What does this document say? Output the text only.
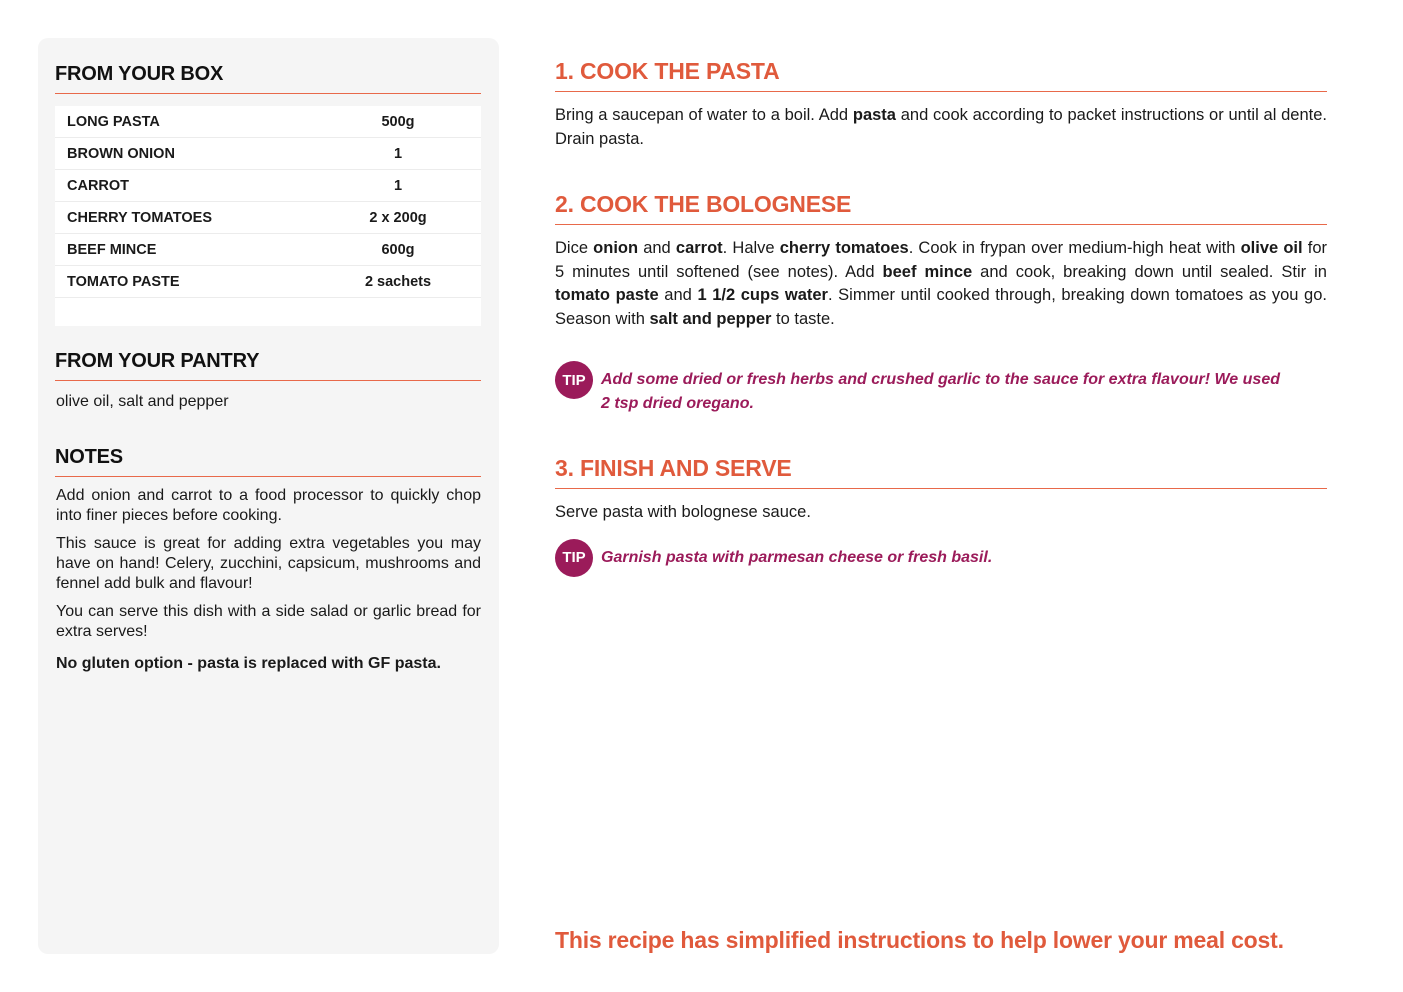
FROM YOUR BOX
LONG PASTA	500g
BROWN ONION	1
CARROT	1
CHERRY TOMATOES	2 x 200g
BEEF MINCE	600g
TOMATO PASTE	2 sachets
FROM YOUR PANTRY
olive oil, salt and pepper
NOTES

Add onion and carrot to a food processor to quickly chop into finer pieces before cooking.

This sauce is great for adding extra vegetables you may have on hand! Celery, zucchini, capsicum, mushrooms and fennel add bulk and flavour!

You can serve this dish with a side salad or garlic bread for extra serves!

No gluten option - pasta is replaced with GF pasta.

1. COOK THE PASTA
Bring a saucepan of water to a boil. Add pasta and cook according to packet instructions or until al dente. Drain pasta.
2. COOK THE BOLOGNESE
Dice onion and carrot. Halve cherry tomatoes. Cook in frypan over medium-high heat with olive oil for 5 minutes until softened (see notes). Add beef mince and cook, breaking down until sealed. Stir in tomato paste and 1 1/2 cups water. Simmer until cooked through, breaking down tomatoes as you go. Season with salt and pepper to taste.
TIP Add some dried or fresh herbs and crushed garlic to the sauce for extra flavour! We used 2 tsp dried oregano.
3. FINISH AND SERVE
Serve pasta with bolognese sauce.
TIP Garnish pasta with parmesan cheese or fresh basil.
This recipe has simplified instructions to help lower your meal cost.
